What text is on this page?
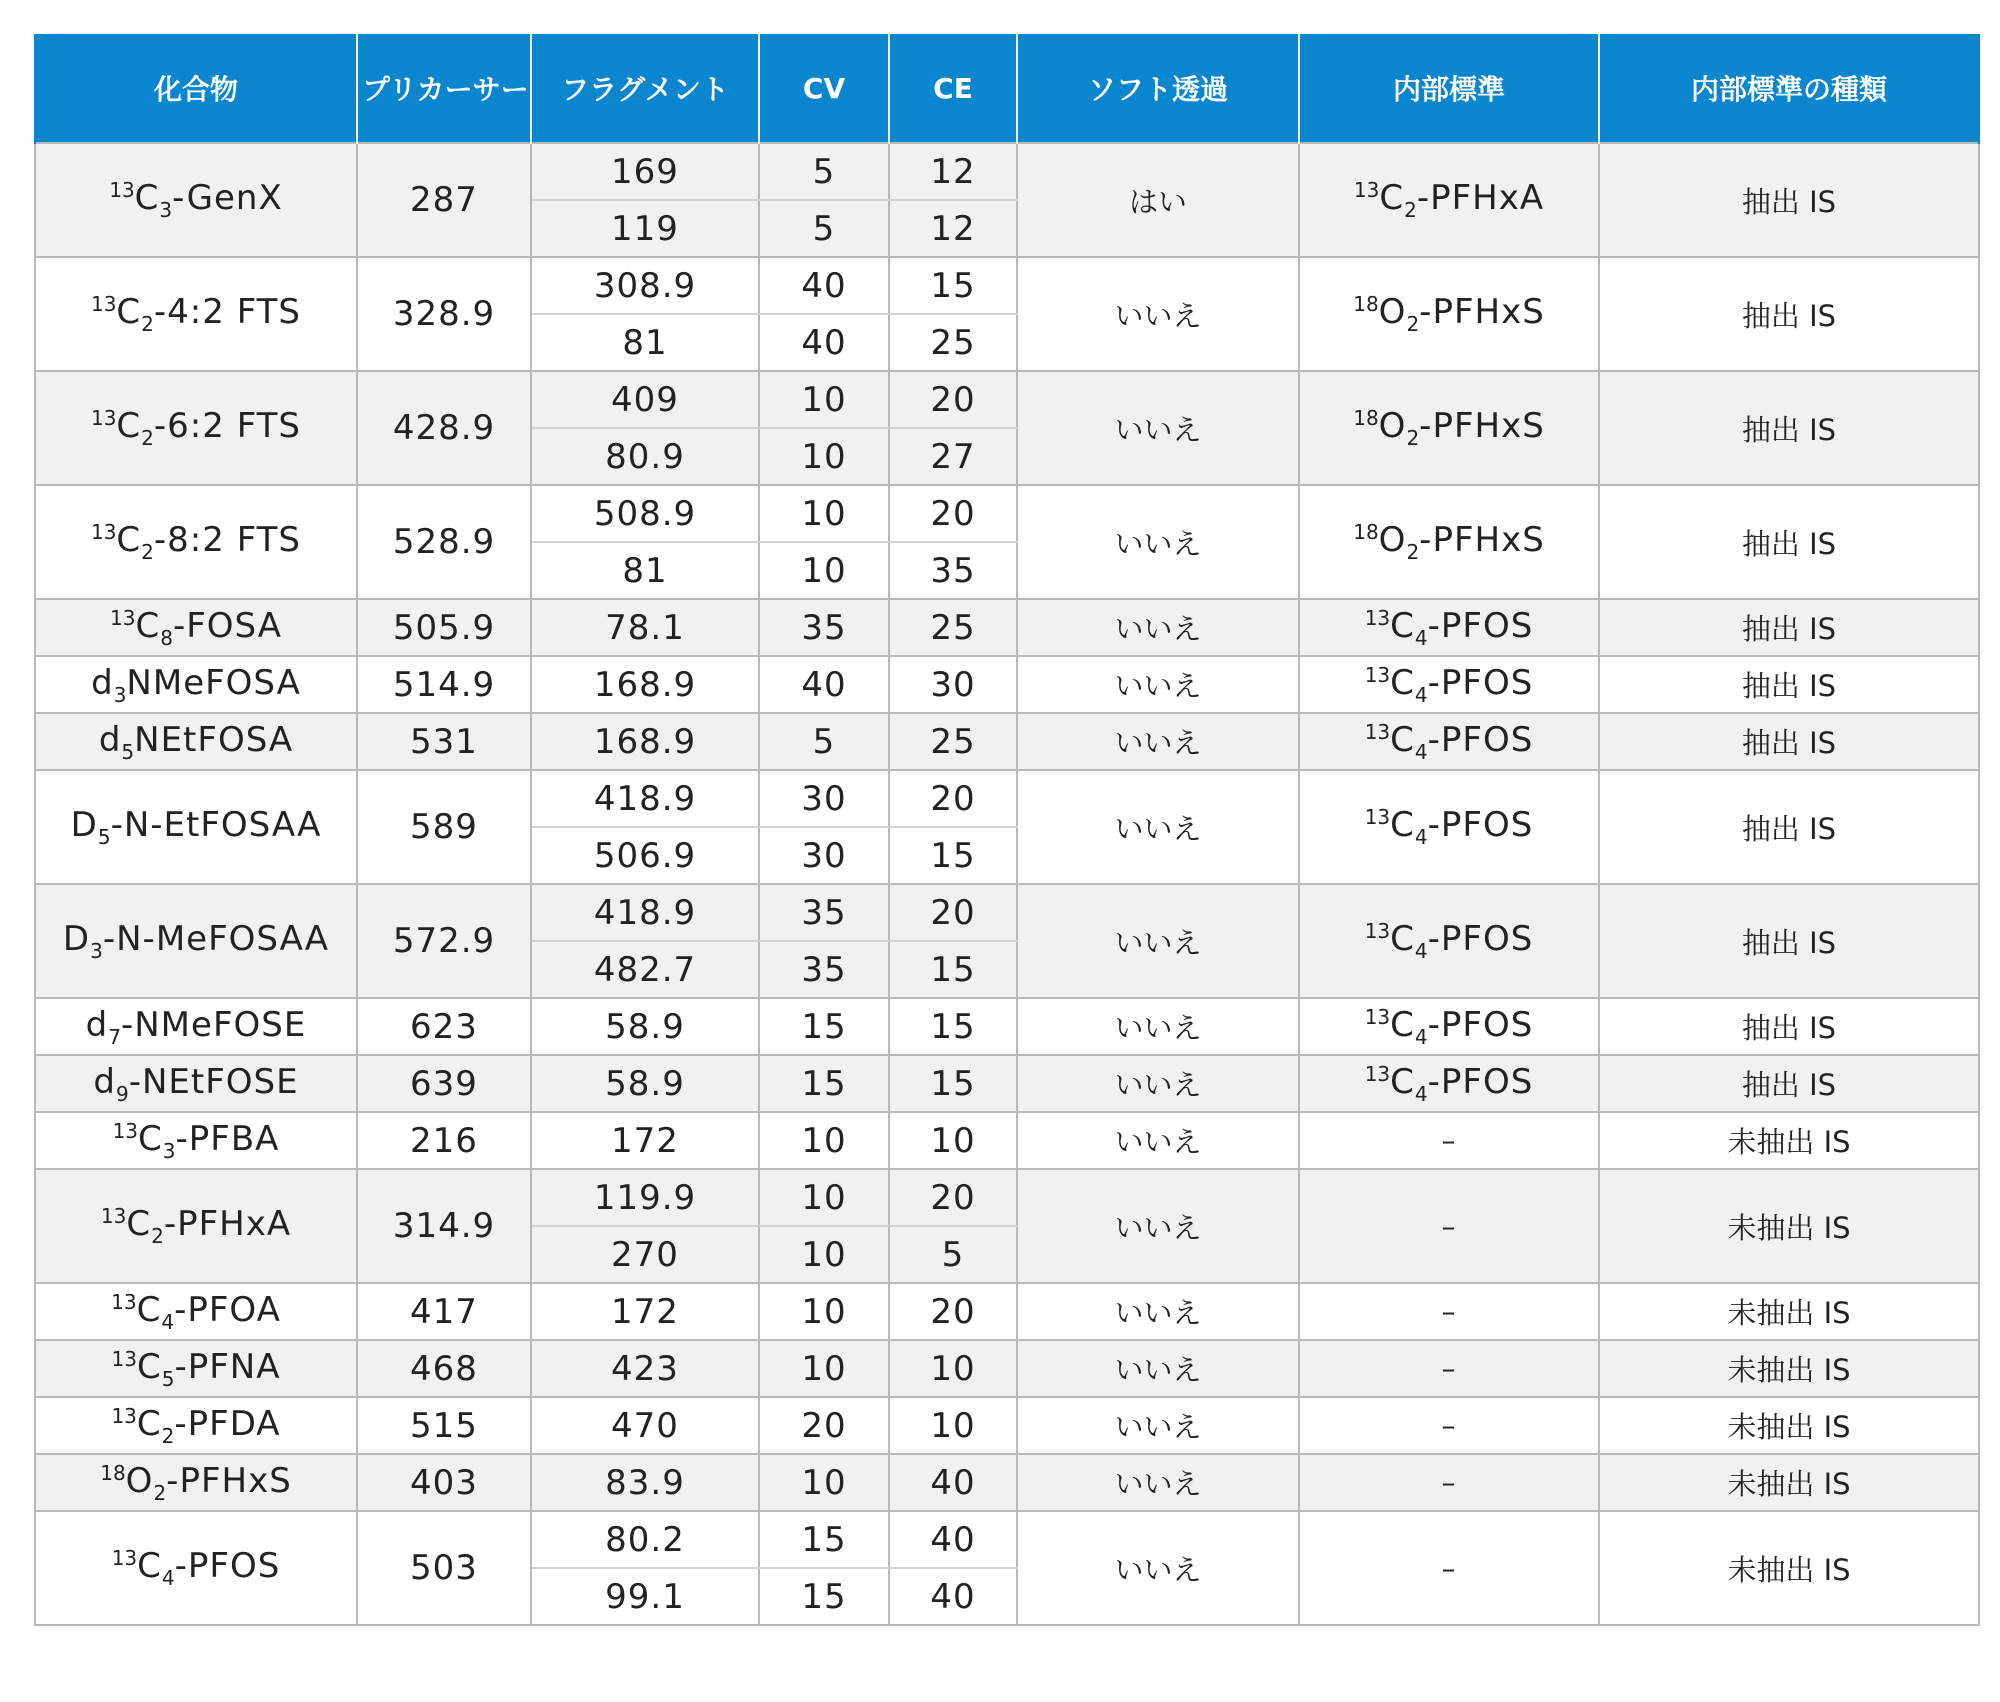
化合物	プリカーサー	フラグメント	CV	CE	ソフト透過	内部標準	内部標準の種類
$^{13}C_3$-GenX	287	169	5	12	はい	$^{13}C_2$-PFHxA	抽出 IS
		119	5	12			
$^{13}C_2-4:2$ FTS	328.9	308.9	40	15	いいえ	$^{18}O_2$-PFHxS	抽出 IS
		81	40	25			
$^{13}C_2-6:2$ FTS	428.9	409	10	20	いいえ	$^{18}O_2$-PFHxS	抽出 IS
		80.9	10	27			
$^{13}C_2-8:2$ FTS	528.9	508.9	10	20	いいえ	$^{18}O_2$-PFHxS	抽出 IS
		81	10	35			
$^{13}C_8$-FOSA	505.9	78.1	35	25	いいえ	$^{13}C_4$-PFOS	抽出 IS
$d_3NMeFOSA$	514.9	168.9	40	30	いいえ	$^{13}C_4$-PFOS	抽出 IS
$d_5NEtFOSA$	531	168.9	5	25	いいえ	$^{13}C_4$-PFOS	抽出 IS
$D_5-N$-EtFOSAA	589	418.9	30	20	いいえ	$^{13}C_4$-PFOS	抽出 IS
		506.9	30	15			
$D_3-N$-MeFOSAA	572.9	418.9	35	20	いいえ	$^{13}C_4$-PFOS	抽出 IS
		482.7	35	15			
$d_7$-NMeFOSE	623	58.9	15	15	いいえ	$^{13}C_4$-PFOS	抽出 IS
$d_9$-NEtFOSE	639	58.9	15	15	いいえ	$^{13}C_4$-PFOS	抽出 IS
$^{13}C_3$-PFBA	216	172	10	10	いいえ	–	未抽出 IS
$^{13}C_2$-PFHxA	314.9	119.9	10	20	いいえ	–	未抽出 IS
		270	10	5			
$^{13}C_4$-PFOA	417	172	10	20	いいえ	–	未抽出 IS
$^{13}C_5$-PFNA	468	423	10	10	いいえ	–	未抽出 IS
$^{13}C_2$-PFDA	515	470	20	10	いいえ	–	未抽出 IS
$^{18}O_2$-PFHxS	403	83.9	10	40	いいえ	–	未抽出 IS
$^{13}C_4$-PFOS	503	80.2	15	40	いいえ	–	未抽出 IS
		99.1	15	40			
